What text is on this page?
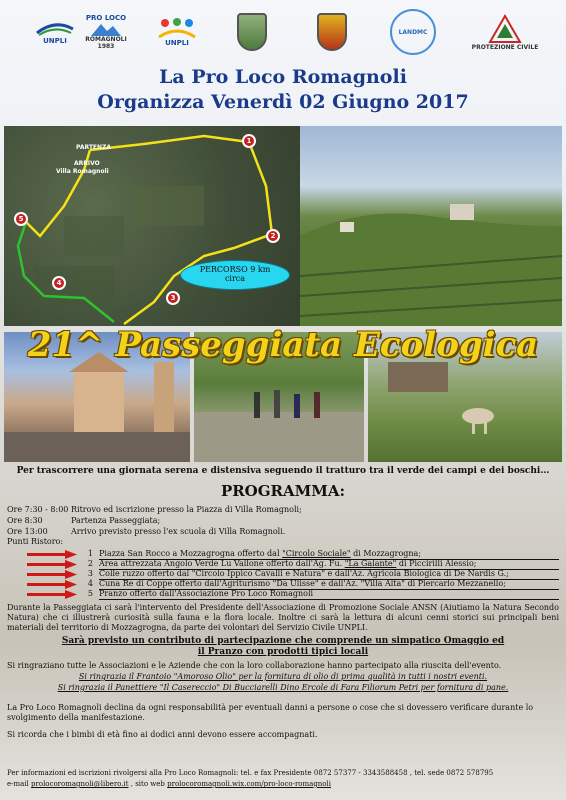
UNPLI
PRO LOCO
ROMAGNOLI
1983	UNPLI
LANDMC
PROTEZIONE CIVILE
La Pro Loco Romagnoli
Organizza Venerdì 02 Giugno 2017
PARTENZA
ARRIVO
Villa Romagnoli
1
2
3
4
5
PERCORSO 9 km
circa
21^ Passeggiata Ecologica
Per trascorrere una giornata serena e distensiva seguendo il tratturo tra il verde dei campi e dei boschi…
PROGRAMMA:
Ore 7:30 - 8:00 Ritrovo ed iscrizione presso la Piazza di Villa Romagnoli;
Ore 8:30	Partenza Passeggiata;
Ore 13:00	Arrivo previsto presso l'ex scuola di Villa Romagnoli.
Punti Ristoro:
1 Piazza San Rocco a Mozzagrogna offerto dal "Circolo Sociale" di Mozzagrogna;
2 Area attrezzata Angolo Verde Lu Vallone offerto dall'Ag. Fu. "La Galante" di Piccirilli Alessio;
3 Colle ruzzo offerto dal "Circolo Ippico Cavalli e Natura" e dall'Az. Agricola Biologica di De Nardis G.;
4 Cuna Re di Coppe offerto dall'Agriturismo "Da Ulisse" e dall'Az. "Villa Alta" di Piercarlo Mezzanello;
5 Pranzo offerto dall'Associazione Pro Loco Romagnoli
Durante la Passeggiata ci sarà l'intervento del Presidente dell'Associazione di Promozione Sociale ANSN (Aiutiamo la Natura Secondo Natura) che ci illustrerà curiosità sulla fauna e la flora locale. Inoltre ci sarà la lettura di alcuni cenni storici sui principali beni materiali del territorio di Mozzagrogna, da parte dei volontari del Servizio Civile UNPLI.
Sarà previsto un contributo di partecipazione che comprende un simpatico Omaggio ed
il Pranzo con prodotti tipici locali
Si ringraziano tutte le Associazioni e le Aziende che con la loro collaborazione hanno partecipato alla riuscita dell'evento.
Si ringrazia il Frantoio "Amoroso Olio" per la fornitura di olio di prima qualità in tutti i nostri eventi.
Si ringrazia il Panettiere "Il Casereccio" Di Bucciarelli Dino Ercole di Fara Filiorum Petri per fornitura di pane.
La Pro Loco Romagnoli declina da ogni responsabilità per eventuali danni a persone o cose che si dovessero verificare durante lo svolgimento della manifestazione.
Si ricorda che i bimbi di età fino ai dodici anni devono essere accompagnati.
Per informazioni ed iscrizioni rivolgersi alla Pro Loco Romagnoli: tel. e fax Presidente 0872 57377 - 3343588458 , tel. sede 0872 578795
e-mail prolocoromagnoli@libero.it , sito web prolocoromagnoli.wix.com/pro-loco-romagnoli
